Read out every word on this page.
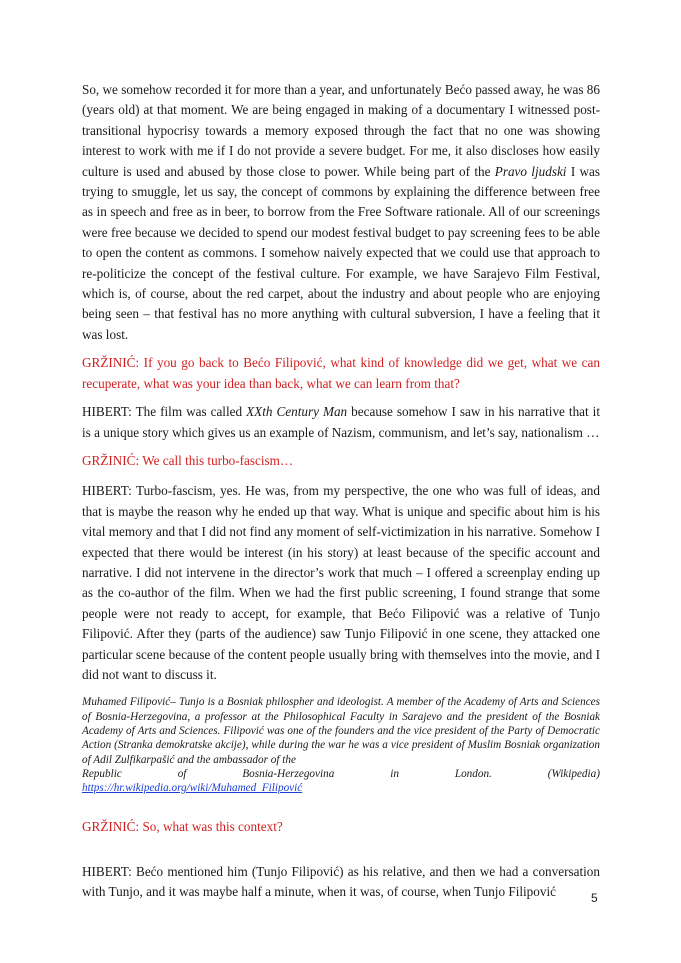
So, we somehow recorded it for more than a year, and unfortunately Bećo passed away, he was 86 (years old) at that moment. We are being engaged in making of a documentary I witnessed post-transitional hypocrisy towards a memory exposed through the fact that no one was showing interest to work with me if I do not provide a severe budget. For me, it also discloses how easily culture is used and abused by those close to power. While being part of the Pravo ljudski I was trying to smuggle, let us say, the concept of commons by explaining the difference between free as in speech and free as in beer, to borrow from the Free Software rationale. All of our screenings were free because we decided to spend our modest festival budget to pay screening fees to be able to open the content as commons. I somehow naively expected that we could use that approach to re-politicize the concept of the festival culture. For example, we have Sarajevo Film Festival, which is, of course, about the red carpet, about the industry and about people who are enjoying being seen – that festival has no more anything with cultural subversion, I have a feeling that it was lost.

GRŽINIĆ: If you go back to Bećo Filipović, what kind of knowledge did we get, what we can recuperate, what was your idea than back, what we can learn from that?

HIBERT: The film was called XXth Century Man because somehow I saw in his narrative that it is a unique story which gives us an example of Nazism, communism, and let’s say, nationalism …

GRŽINIĆ: We call this turbo-fascism…

HIBERT: Turbo-fascism, yes. He was, from my perspective, the one who was full of ideas, and that is maybe the reason why he ended up that way. What is unique and specific about him is his vital memory and that I did not find any moment of self-victimization in his narrative. Somehow I expected that there would be interest (in his story) at least because of the specific account and narrative. I did not intervene in the director’s work that much – I offered a screenplay ending up as the co-author of the film. When we had the first public screening, I found strange that some people were not ready to accept, for example, that Bećo Filipović was a relative of Tunjo Filipović. After they (parts of the audience) saw Tunjo Filipović in one scene, they attacked one particular scene because of the content people usually bring with themselves into the movie, and I did not want to discuss it.

Muhamed Filipović– Tunjo is a Bosniak philospher and ideologist. A member of the Academy of Arts and Sciences of Bosnia-Herzegovina, a professor at the Philosophical Faculty in Sarajevo and the president of the Bosniak Academy of Arts and Sciences. Filipović was one of the founders and the vice president of the Party of Democratic Action (Stranka demokratske akcije), while during the war he was a vice president of Muslim Bosniak organization of Adil Zulfikarpašić and the ambassador of the
Republic	of	Bosnia-Herzegovina	in	London.	(Wikipedia)
https://hr.wikipedia.org/wiki/Muhamed_Filipović

GRŽINIĆ: So, what was this context?

HIBERT: Bećo mentioned him (Tunjo Filipović) as his relative, and then we had a conversation with Tunjo, and it was maybe half a minute, when it was, of course, when Tunjo Filipović	5
